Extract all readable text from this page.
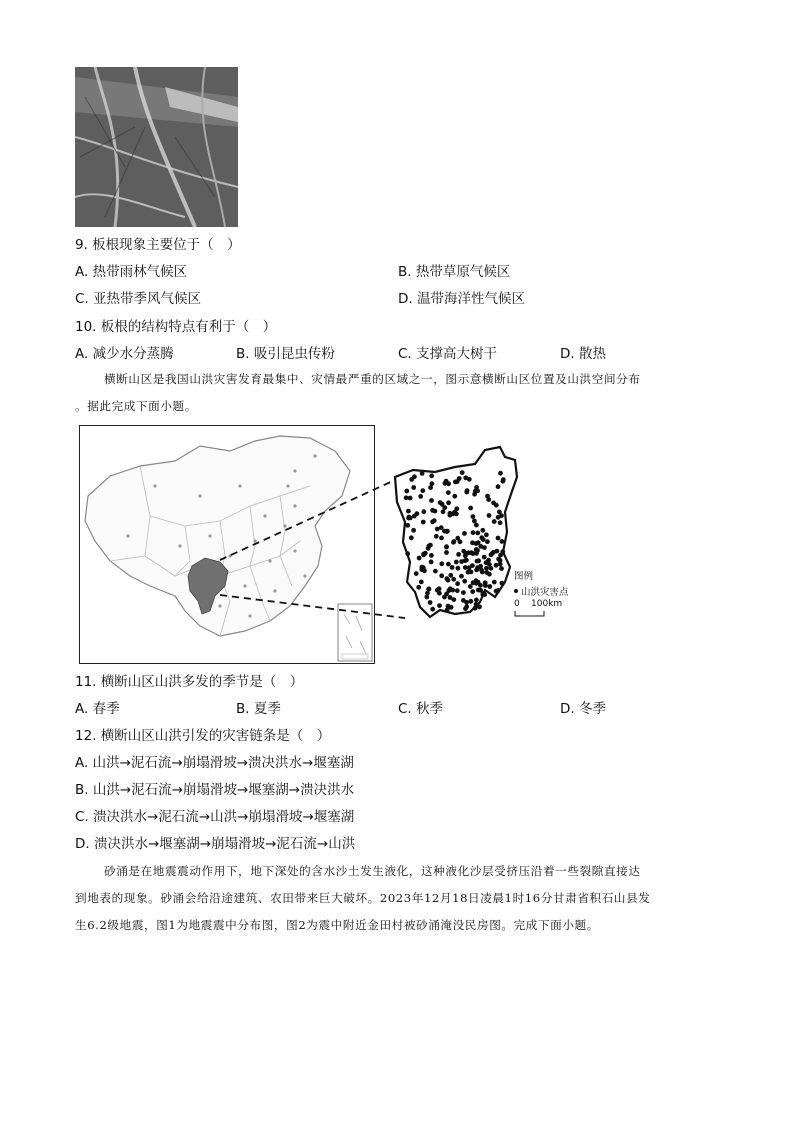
9. 板根现象主要位于（　）
A. 热带雨林气候区	B. 热带草原气候区
C. 亚热带季风气候区	D. 温带海洋性气候区
10. 板根的结构特点有利于（　）
A. 减少水分蒸腾	B. 吸引昆虫传粉	C. 支撑高大树干	D. 散热
横断山区是我国山洪灾害发育最集中、灾情最严重的区域之一，图示意横断山区位置及山洪空间分布
。据此完成下面小题。
图例
山洪灾害点
0 100km
11. 横断山区山洪多发的季节是（　）
A. 春季	B. 夏季	C. 秋季	D. 冬季
12. 横断山区山洪引发的灾害链条是（　）
A. 山洪→泥石流→崩塌滑坡→溃决洪水→堰塞湖
B. 山洪→泥石流→崩塌滑坡→堰塞湖→溃决洪水
C. 溃决洪水→泥石流→山洪→崩塌滑坡→堰塞湖
D. 溃决洪水→堰塞湖→崩塌滑坡→泥石流→山洪
砂涌是在地震震动作用下，地下深处的含水沙土发生液化，这种液化沙层受挤压沿着一些裂隙直接达
到地表的现象。砂涌会给沿途建筑、农田带来巨大破坏。2023年12月18日凌晨1时16分甘肃省积石山县发
生6.2级地震，图1为地震震中分布图，图2为震中附近金田村被砂涌淹没民房图。完成下面小题。
